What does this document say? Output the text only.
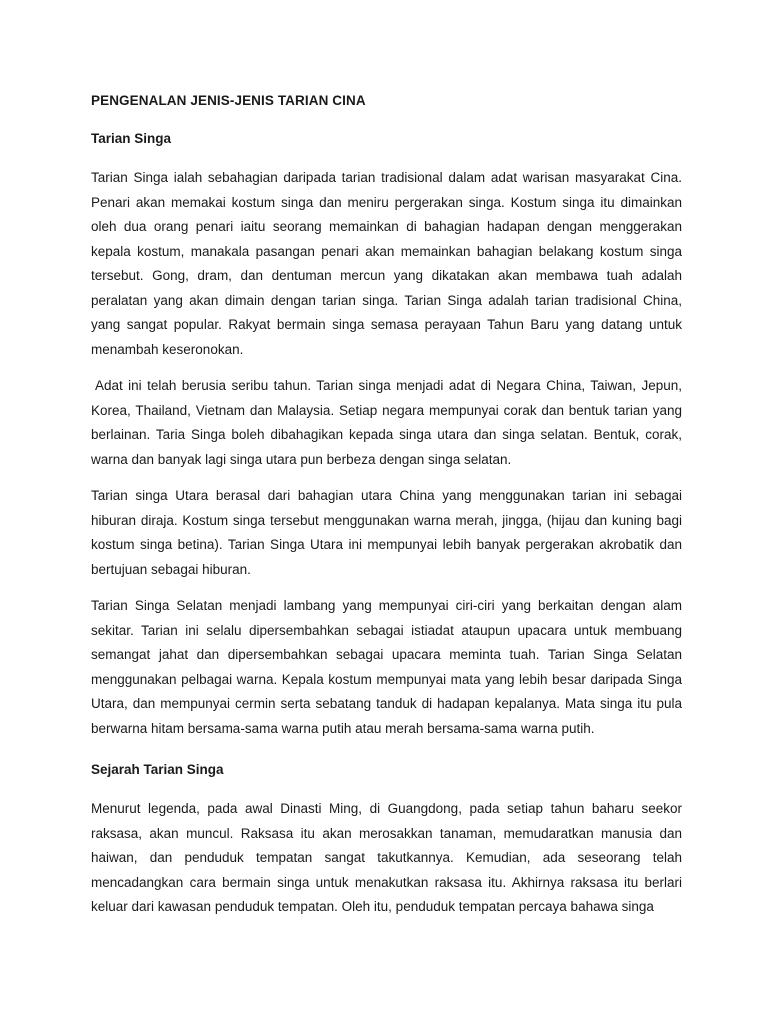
PENGENALAN JENIS-JENIS TARIAN CINA
Tarian Singa

Tarian Singa ialah sebahagian daripada tarian tradisional dalam adat warisan masyarakat Cina. Penari akan memakai kostum singa dan meniru pergerakan singa. Kostum singa itu dimainkan oleh dua orang penari iaitu seorang memainkan di bahagian hadapan dengan menggerakan kepala kostum, manakala pasangan penari akan memainkan bahagian belakang kostum singa tersebut. Gong, dram, dan dentuman mercun yang dikatakan akan membawa tuah adalah peralatan yang akan dimain dengan tarian singa. Tarian Singa adalah tarian tradisional China, yang sangat popular. Rakyat bermain singa semasa perayaan Tahun Baru yang datang untuk menambah keseronokan.

Adat ini telah berusia seribu tahun. Tarian singa menjadi adat di Negara China, Taiwan, Jepun, Korea, Thailand, Vietnam dan Malaysia. Setiap negara mempunyai corak dan bentuk tarian yang berlainan. Taria Singa boleh dibahagikan kepada singa utara dan singa selatan. Bentuk, corak, warna dan banyak lagi singa utara pun berbeza dengan singa selatan.

Tarian singa Utara berasal dari bahagian utara China yang menggunakan tarian ini sebagai hiburan diraja. Kostum singa tersebut menggunakan warna merah, jingga, (hijau dan kuning bagi kostum singa betina). Tarian Singa Utara ini mempunyai lebih banyak pergerakan akrobatik dan bertujuan sebagai hiburan.

Tarian Singa Selatan menjadi lambang yang mempunyai ciri-ciri yang berkaitan dengan alam sekitar. Tarian ini selalu dipersembahkan sebagai istiadat ataupun upacara untuk membuang semangat jahat dan dipersembahkan sebagai upacara meminta tuah. Tarian Singa Selatan menggunakan pelbagai warna. Kepala kostum mempunyai mata yang lebih besar daripada Singa Utara, dan mempunyai cermin serta sebatang tanduk di hadapan kepalanya. Mata singa itu pula berwarna hitam bersama-sama warna putih atau merah bersama-sama warna putih.

Sejarah Tarian Singa

Menurut legenda, pada awal Dinasti Ming, di Guangdong, pada setiap tahun baharu seekor raksasa, akan muncul. Raksasa itu akan merosakkan tanaman, memudaratkan manusia dan haiwan, dan penduduk tempatan sangat takutkannya. Kemudian, ada seseorang telah mencadangkan cara bermain singa untuk menakutkan raksasa itu. Akhirnya raksasa itu berlari keluar dari kawasan penduduk tempatan. Oleh itu, penduduk tempatan percaya bahawa singa
